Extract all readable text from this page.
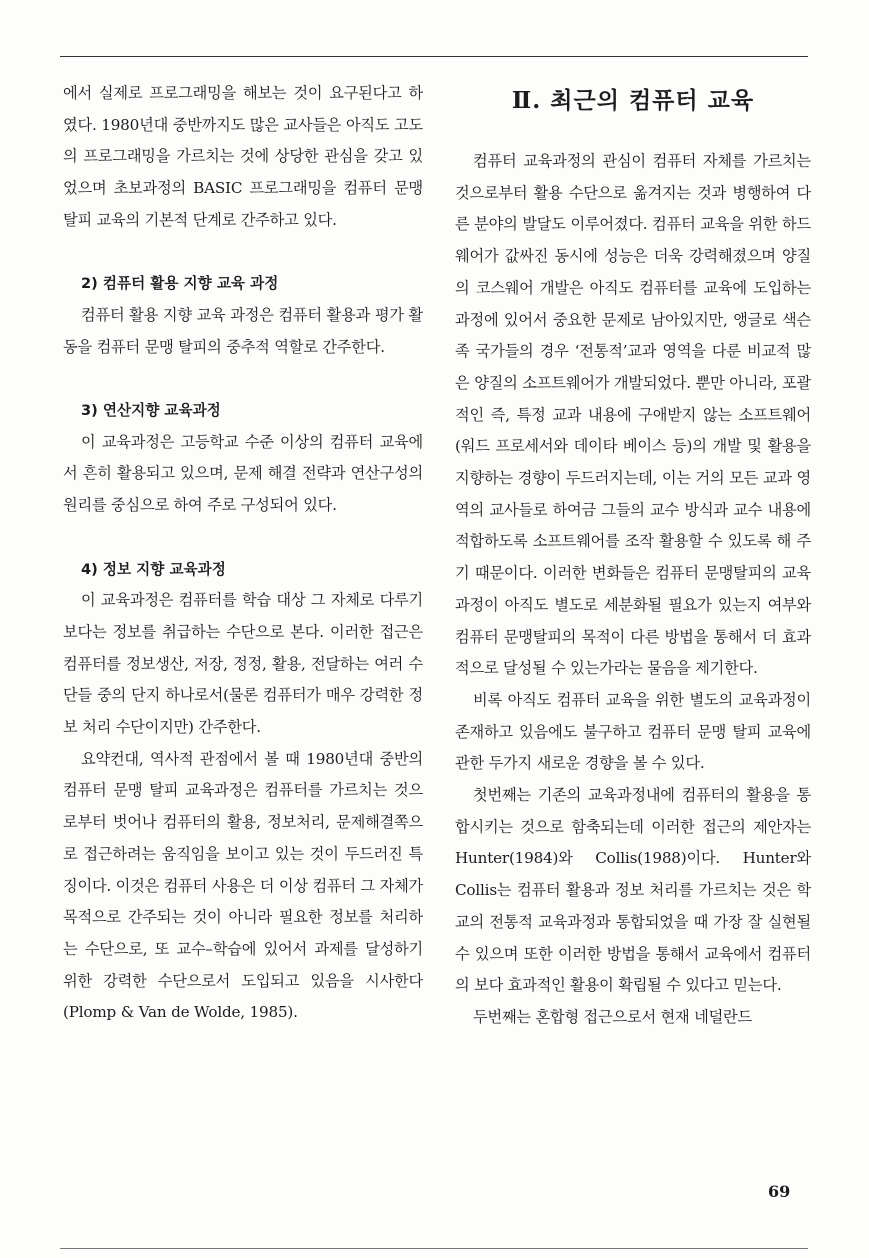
에서 실제로 프로그래밍을 해보는 것이 요구된다고 하였다. 1980년대 중반까지도 많은 교사들은 아직도 고도의 프로그래밍을 가르치는 것에 상당한 관심을 갖고 있었으며 초보과정의 BASIC 프로그래밍을 컴퓨터 문맹 탈피 교육의 기본적 단계로 간주하고 있다.

2) 컴퓨터 활용 지향 교육 과정

컴퓨터 활용 지향 교육 과정은 컴퓨터 활용과 평가 활동을 컴퓨터 문맹 탈피의 중추적 역할로 간주한다.

3) 연산지향 교육과정

이 교육과정은 고등학교 수준 이상의 컴퓨터 교육에서 흔히 활용되고 있으며, 문제 해결 전략과 연산구성의 원리를 중심으로 하여 주로 구성되어 있다.

4) 정보 지향 교육과정

이 교육과정은 컴퓨터를 학습 대상 그 자체로 다루기보다는 정보를 취급하는 수단으로 본다. 이러한 접근은 컴퓨터를 정보생산, 저장, 정정, 활용, 전달하는 여러 수단들 중의 단지 하나로서(물론 컴퓨터가 매우 강력한 정보 처리 수단이지만) 간주한다.

요약컨대, 역사적 관점에서 볼 때 1980년대 중반의 컴퓨터 문맹 탈피 교육과정은 컴퓨터를 가르치는 것으로부터 벗어나 컴퓨터의 활용, 정보처리, 문제해결쪽으로 접근하려는 움직임을 보이고 있는 것이 두드러진 특징이다. 이것은 컴퓨터 사용은 더 이상 컴퓨터 그 자체가 목적으로 간주되는 것이 아니라 필요한 정보를 처리하는 수단으로, 또 교수–학습에 있어서 과제를 달성하기 위한 강력한 수단으로서 도입되고 있음을 시사한다(Plomp & Van de Wolde, 1985).

Ⅱ. 최근의 컴퓨터 교육

컴퓨터 교육과정의 관심이 컴퓨터 자체를 가르치는 것으로부터 활용 수단으로 옮겨지는 것과 병행하여 다른 분야의 발달도 이루어졌다. 컴퓨터 교육을 위한 하드웨어가 값싸진 동시에 성능은 더욱 강력해졌으며 양질의 코스웨어 개발은 아직도 컴퓨터를 교육에 도입하는 과정에 있어서 중요한 문제로 남아있지만, 앵글로 색슨족 국가들의 경우 ‘전통적’교과 영역을 다룬 비교적 많은 양질의 소프트웨어가 개발되었다. 뿐만 아니라, 포괄적인 즉, 특정 교과 내용에 구애받지 않는 소프트웨어(워드 프로세서와 데이타 베이스 등)의 개발 및 활용을 지향하는 경향이 두드러지는데, 이는 거의 모든 교과 영역의 교사들로 하여금 그들의 교수 방식과 교수 내용에 적합하도록 소프트웨어를 조작 활용할 수 있도록 해 주기 때문이다. 이러한 변화들은 컴퓨터 문맹탈피의 교육과정이 아직도 별도로 세분화될 필요가 있는지 여부와 컴퓨터 문맹탈피의 목적이 다른 방법을 통해서 더 효과적으로 달성될 수 있는가라는 물음을 제기한다.

비록 아직도 컴퓨터 교육을 위한 별도의 교육과정이 존재하고 있음에도 불구하고 컴퓨터 문맹 탈피 교육에 관한 두가지 새로운 경향을 볼 수 있다.

첫번째는 기존의 교육과정내에 컴퓨터의 활용을 통합시키는 것으로 함축되는데 이러한 접근의 제안자는 Hunter(1984)와 Collis(1988)이다. Hunter와 Collis는 컴퓨터 활용과 정보 처리를 가르치는 것은 학교의 전통적 교육과정과 통합되었을 때 가장 잘 실현될 수 있으며 또한 이러한 방법을 통해서 교육에서 컴퓨터의 보다 효과적인 활용이 확립될 수 있다고 믿는다.

두번째는 혼합형 접근으로서 현재 네덜란드

69
